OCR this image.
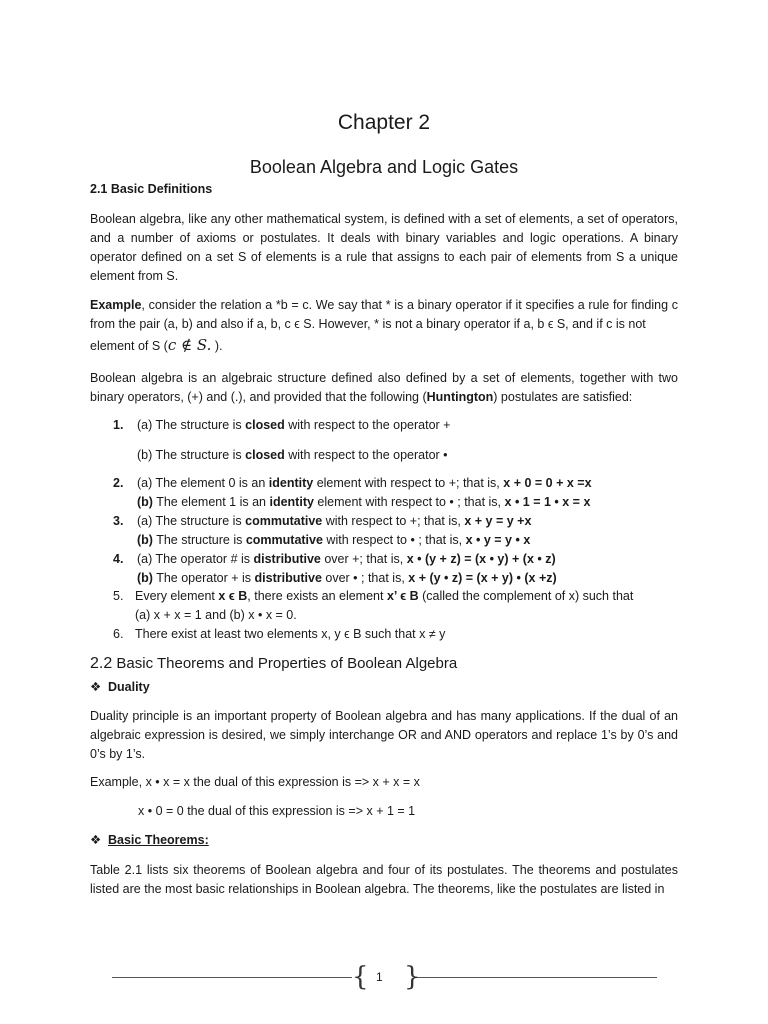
Chapter 2
Boolean Algebra and Logic Gates
2.1 Basic Definitions
Boolean algebra, like any other mathematical system, is defined with a set of elements, a set of operators, and a number of axioms or postulates. It deals with binary variables and logic operations. A binary operator defined on a set S of elements is a rule that assigns to each pair of elements from S a unique element from S.
Example, consider the relation a *b = c. We say that * is a binary operator if it specifies a rule for finding c from the pair (a, b) and also if a, b, c ϵ S. However, * is not a binary operator if a, b ϵ S, and if c is not
element of S (c ∉ S. ).
Boolean algebra is an algebraic structure defined also defined by a set of elements, together with two binary operators, (+) and (.), and provided that the following (Huntington) postulates are satisfied:
1. (a) The structure is closed with respect to the operator +
(b) The structure is closed with respect to the operator •
2. (a) The element 0 is an identity element with respect to +; that is, x + 0 = 0 + x =x
(b) The element 1 is an identity element with respect to • ; that is, x • 1 = 1 • x = x
3. (a) The structure is commutative with respect to +; that is, x + y = y +x
(b) The structure is commutative with respect to • ; that is, x • y = y • x
4. (a) The operator # is distributive over +; that is, x • (y + z) = (x • y) + (x • z)
(b) The operator + is distributive over • ; that is, x + (y • z) = (x + y) • (x +z)
5. Every element x ϵ B, there exists an element x’ ϵ B (called the complement of x) such that
(a) x + x = 1 and (b) x • x = 0.
6. There exist at least two elements x, y ϵ B such that x ≠ y
2.2 Basic Theorems and Properties of Boolean Algebra
❖ Duality
Duality principle is an important property of Boolean algebra and has many applications. If the dual of an algebraic expression is desired, we simply interchange OR and AND operators and replace 1’s by 0’s and 0’s by 1’s.
Example, x • x = x the dual of this expression is => x + x = x
x • 0 = 0 the dual of this expression is => x + 1 = 1
❖ Basic Theorems:
Table 2.1 lists six theorems of Boolean algebra and four of its postulates. The theorems and postulates listed are the most basic relationships in Boolean algebra. The theorems, like the postulates are listed in
{ 1 }
